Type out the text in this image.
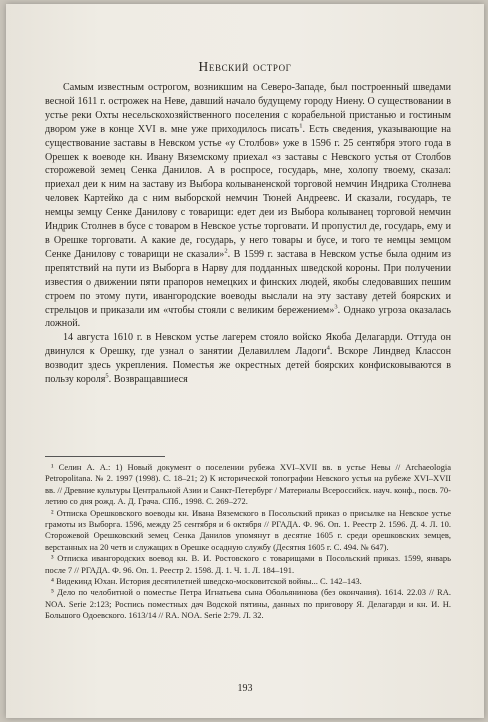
Невский острог

Самым известным острогом, возникшим на Северо-Западе, был построенный шведами весной 1611 г. острожек на Неве, давший начало будущему городу Ниену. О существовании в устье реки Охты несельскохозяйственного поселения с корабельной пристанью и гостиным двором уже в конце XVI в. мне уже приходилось писать$^1$. Есть сведения, указывающие на существование заставы в Невском устье «у Столбов» уже в 1596 г. 25 сентября этого года в Орешек к воеводе кн. Ивану Вяземскому приехал «з заставы с Невского устья от Столбов сторожевой земец Сенка Данилов. А в роспросе, государь, мне, холопу твоему, сказал: приехал деи к ним на заставу из Выбора колываненской торговой немчин Индрика Столнева человек Картейко да с ним выборской немчин Тюней Андреевс. И сказали, государь, те немцы земцу Сенке Данилову с товарищи: едет деи из Выбора колыванец торговой немчин Индрик Столнев в бусе с товаром в Невское устье торговати. И пропустил де, государь, ему и в Орешке торговати. А какие де, государь, у него товары и бусе, и того те немцы земцом Сенке Данилову с товарищи не сказали»$^2$. В 1599 г. застава в Невском устье была одним из препятствий на пути из Выборга в Нарву для подданных шведской короны. При получении известия о движении пяти прапоров немецких и финских людей, якобы следовавших пешим строем по этому пути, ивангородские воеводы выслали на эту заставу детей боярских и стрельцов и приказали им «чтобы стояли с великим бережением»$^3$. Однако угроза оказалась ложной.

14 августа 1610 г. в Невском устье лагерем стояло войско Якоба Делагарди. Оттуда он двинулся к Орешку, где узнал о занятии Делавиллем Ладоги$^4$. Вскоре Линдвед Классон возводит здесь укрепления. Поместья же окрестных детей боярских конфисковываются в пользу короля$^5$. Возвращавшиеся

¹ Селин А. А.: 1) Новый документ о поселении рубежа XVI–XVII вв. в устье Невы // Archaeologia Petropolitana. № 2. 1997 (1998). С. 18–21; 2) К исторической топографии Невского устья на рубеже XVI–XVII вв. // Древние культуры Центральной Азии и Санкт-Петербург / Материалы Всероссийск. науч. конф., посв. 70-летию со дня рожд. А. Д. Грача. СПб., 1998. С. 269–272.
² Отписка Орешковского воеводы кн. Ивана Вяземского в Посольский приказ о присылке на Невское устье грамоты из Выборга. 1596, между 25 сентября и 6 октября // РГАДА. Ф. 96. Оп. 1. Реестр 2. 1596. Д. 4. Л. 10. Сторожевой Орешковский земец Сенка Данилов упомянут в десятне 1605 г. среди орешковских земцев, верстанных на 20 четв и служащих в Орешке осадную службу (Десятня 1605 г. С. 494. № 647).
³ Отписка ивангородских воевод кн. В. И. Ростовского с товарищами в Посольский приказ. 1599, январь после 7 // РГАДА. Ф. 96. Оп. 1. Реестр 2. 1598. Д. 1. Ч. 1. Л. 184–191.
⁴ Видекинд Юхан. История десятилетней шведско-московитской войны... С. 142–143.
⁵ Дело по челобитной о поместье Петра Игнатьева сына Обольянинова (без окончания). 1614. 22.03 // RA. NOA. Serie 2:123; Роспись поместных дач Водской пятины, данных по приговору Я. Делагарди и кн. И. Н. Большого Одоевского. 1613/14 // RA. NOA. Serie 2:79. Л. 32.
193
